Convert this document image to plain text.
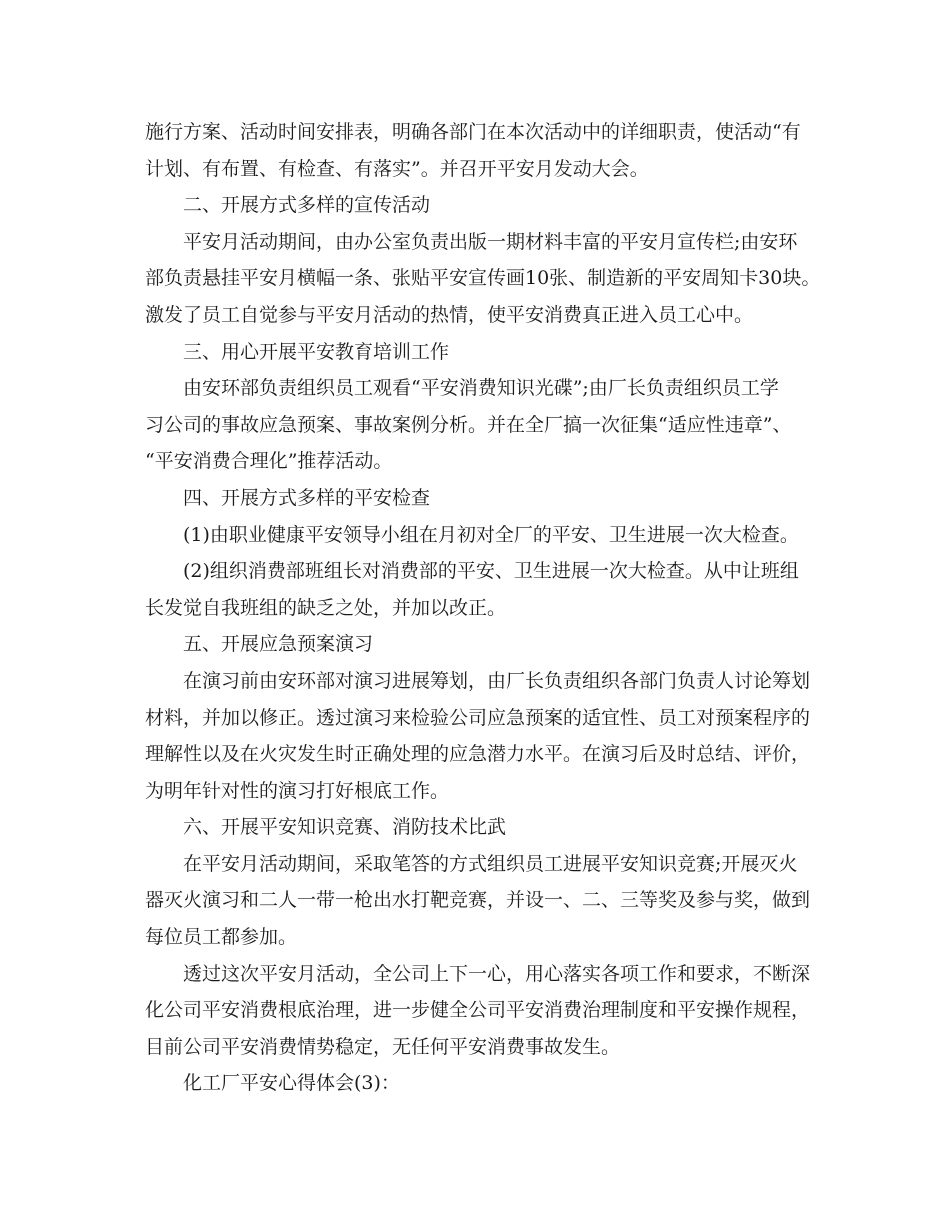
施行方案、活动时间安排表，明确各部门在本次活动中的详细职责，使活动“有
计划、有布置、有检查、有落实”。并召开平安月发动大会。
二、开展方式多样的宣传活动
平安月活动期间，由办公室负责出版一期材料丰富的平安月宣传栏;由安环
部负责悬挂平安月横幅一条、张贴平安宣传画10张、制造新的平安周知卡30块。
激发了员工自觉参与平安月活动的热情，使平安消费真正进入员工心中。
三、用心开展平安教育培训工作
由安环部负责组织员工观看“平安消费知识光碟”;由厂长负责组织员工学
习公司的事故应急预案、事故案例分析。并在全厂搞一次征集“适应性违章”、
“平安消费合理化”推荐活动。
四、开展方式多样的平安检查
(1)由职业健康平安领导小组在月初对全厂的平安、卫生进展一次大检查。
(2)组织消费部班组长对消费部的平安、卫生进展一次大检查。从中让班组
长发觉自我班组的缺乏之处，并加以改正。
五、开展应急预案演习
在演习前由安环部对演习进展筹划，由厂长负责组织各部门负责人讨论筹划
材料，并加以修正。透过演习来检验公司应急预案的适宜性、员工对预案程序的
理解性以及在火灾发生时正确处理的应急潜力水平。在演习后及时总结、评价，
为明年针对性的演习打好根底工作。
六、开展平安知识竞赛、消防技术比武
在平安月活动期间，采取笔答的方式组织员工进展平安知识竞赛;开展灭火
器灭火演习和二人一带一枪出水打靶竞赛，并设一、二、三等奖及参与奖，做到
每位员工都参加。
透过这次平安月活动，全公司上下一心，用心落实各项工作和要求，不断深
化公司平安消费根底治理，进一步健全公司平安消费治理制度和平安操作规程，
目前公司平安消费情势稳定，无任何平安消费事故发生。
化工厂平安心得体会(3)：
